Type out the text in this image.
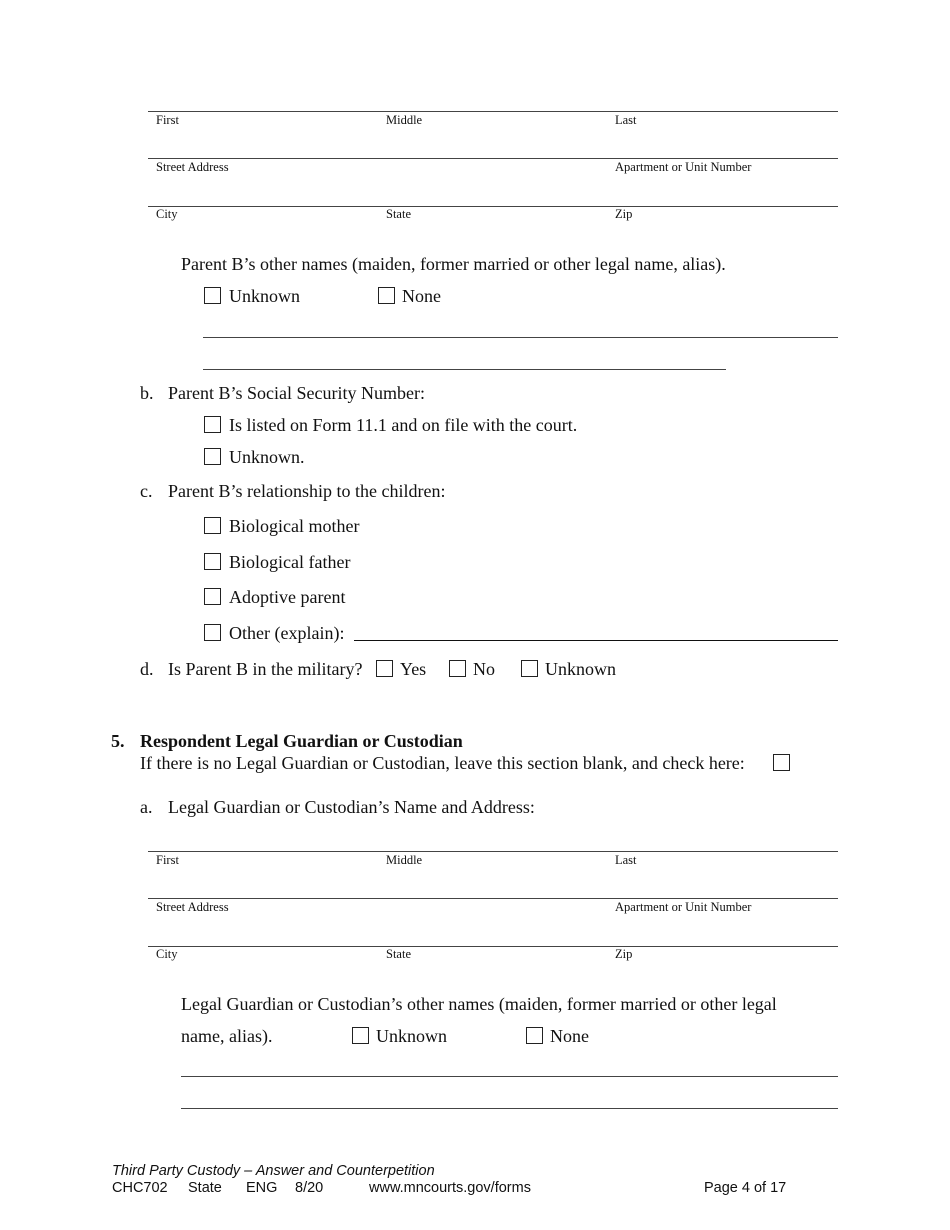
First	Middle	Last
Street Address	Apartment or Unit Number
City	State	Zip
Parent B’s other names (maiden, former married or other legal name, alias).
Unknown	None
b. Parent B’s Social Security Number:
Is listed on Form 11.1 and on file with the court.
Unknown.
c. Parent B’s relationship to the children:
Biological mother
Biological father
Adoptive parent
Other (explain):
d. Is Parent B in the military? Yes	No	Unknown
5. Respondent Legal Guardian or Custodian
If there is no Legal Guardian or Custodian, leave this section blank, and check here:
a. Legal Guardian or Custodian’s Name and Address:
First	Middle	Last
Street Address	Apartment or Unit Number
City	State	Zip
Legal Guardian or Custodian’s other names (maiden, former married or other legal
name, alias).	Unknown	None
Third Party Custody – Answer and Counterpetition
CHC702 State ENG 8/20	www.mncourts.gov/forms	Page 4 of 17
